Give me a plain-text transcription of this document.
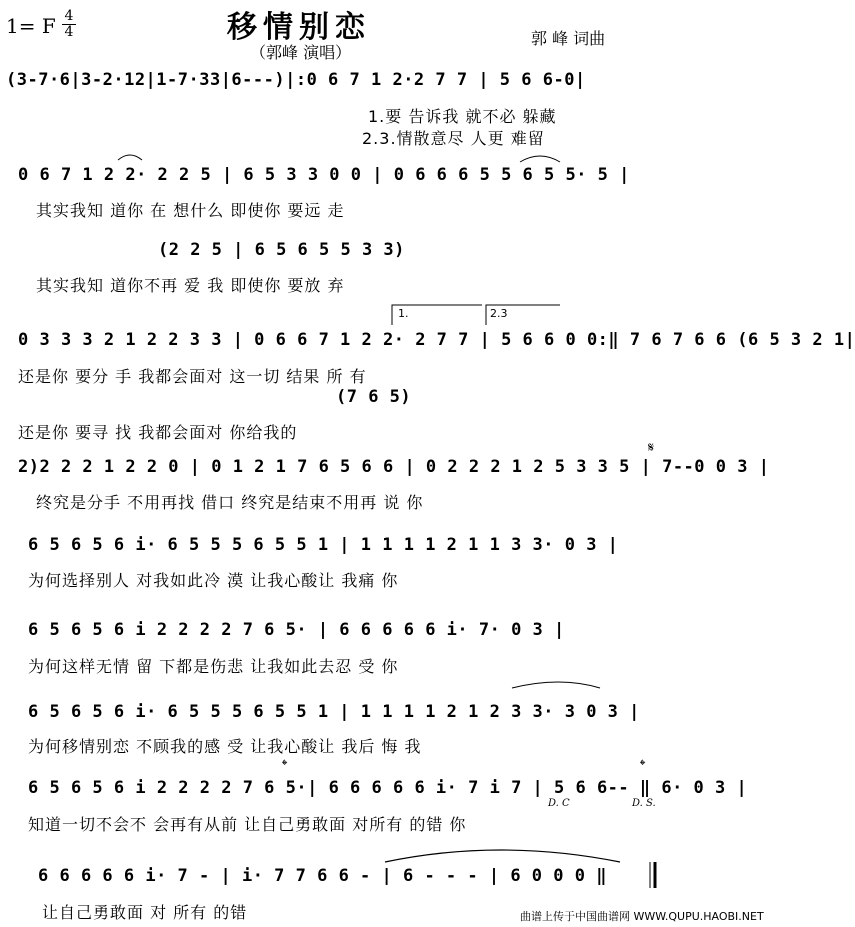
1= F 4
4	移情别恋
（郭峰 演唱）
郭 峰 词曲
(3-7·6|3-2·12|1-7·33|6---)|:0 6 7 1 2·2 7 7 | 5 6 6-0|
1.要 告诉我 就不必 躲藏
2.3.情散意尽 人更 难留
0 6 7 1 2 2· 2 2 5 | 6 5 3 3 0 0 | 0 6 6 6 5 5 6 5 5· 5 |
其实我知 道你 在 想什么 即使你 要远 走
(2 2 5 | 6 5 6 5 5 3 3)
其实我知 道你不再 爱 我 即使你 要放 弃
0 3 3 3 2 1 2 2 3 3 | 0 6 6 7 1 2 2· 2 7 7 | 5 6 6 0 0:‖ 7 6 7 6 6 (6 5 3 2 1|
还是你 要分 手 我都会面对 这一切 结果 所 有
(7 6 5)
还是你 要寻 找 我都会面对 你给我的
2)2 2 2 1 2 2 0 | 0 1 2 1 7 6 5 6 6 | 0 2 2 2 1 2 5 3 3 5 | 7--0 0 3 |
终究是分手 不用再找 借口 终究是结束不用再 说 你
6 5 6 5 6 i· 6 5 5 5 6 5 5 1 | 1 1 1 1 2 1 1 3 3· 0 3 |
为何选择别人 对我如此冷 漠 让我心酸让 我痛 你
6 5 6 5 6 i 2 2 2 2 7 6 5· | 6 6 6 6 6 i· 7· 0 3 |
为何这样无情 留 下都是伤悲 让我如此去忍 受 你
6 5 6 5 6 i· 6 5 5 5 6 5 5 1 | 1 1 1 1 2 1 2 3 3· 3 0 3 |
为何移情别恋 不顾我的感 受 让我心酸让 我后 悔 我
6 5 6 5 6 i 2 2 2 2 7 6 5·| 6 6 6 6 6 i· 7 i 7 | 5 6 6-- ‖ 6· 0 3 |
知道一切不会不 会再有从前 让自己勇敢面 对所有 的错 你
6 6 6 6 6 i· 7 - | i· 7 7 6 6 - | 6 - - - | 6 0 0 0 ‖
让自己勇敢面 对 所有 的错
1.	2.3
D. C	D. S.
𝄋
𝄌	𝄌
曲谱上传于中国曲谱网 WWW.QUPU.HAOBI.NET
